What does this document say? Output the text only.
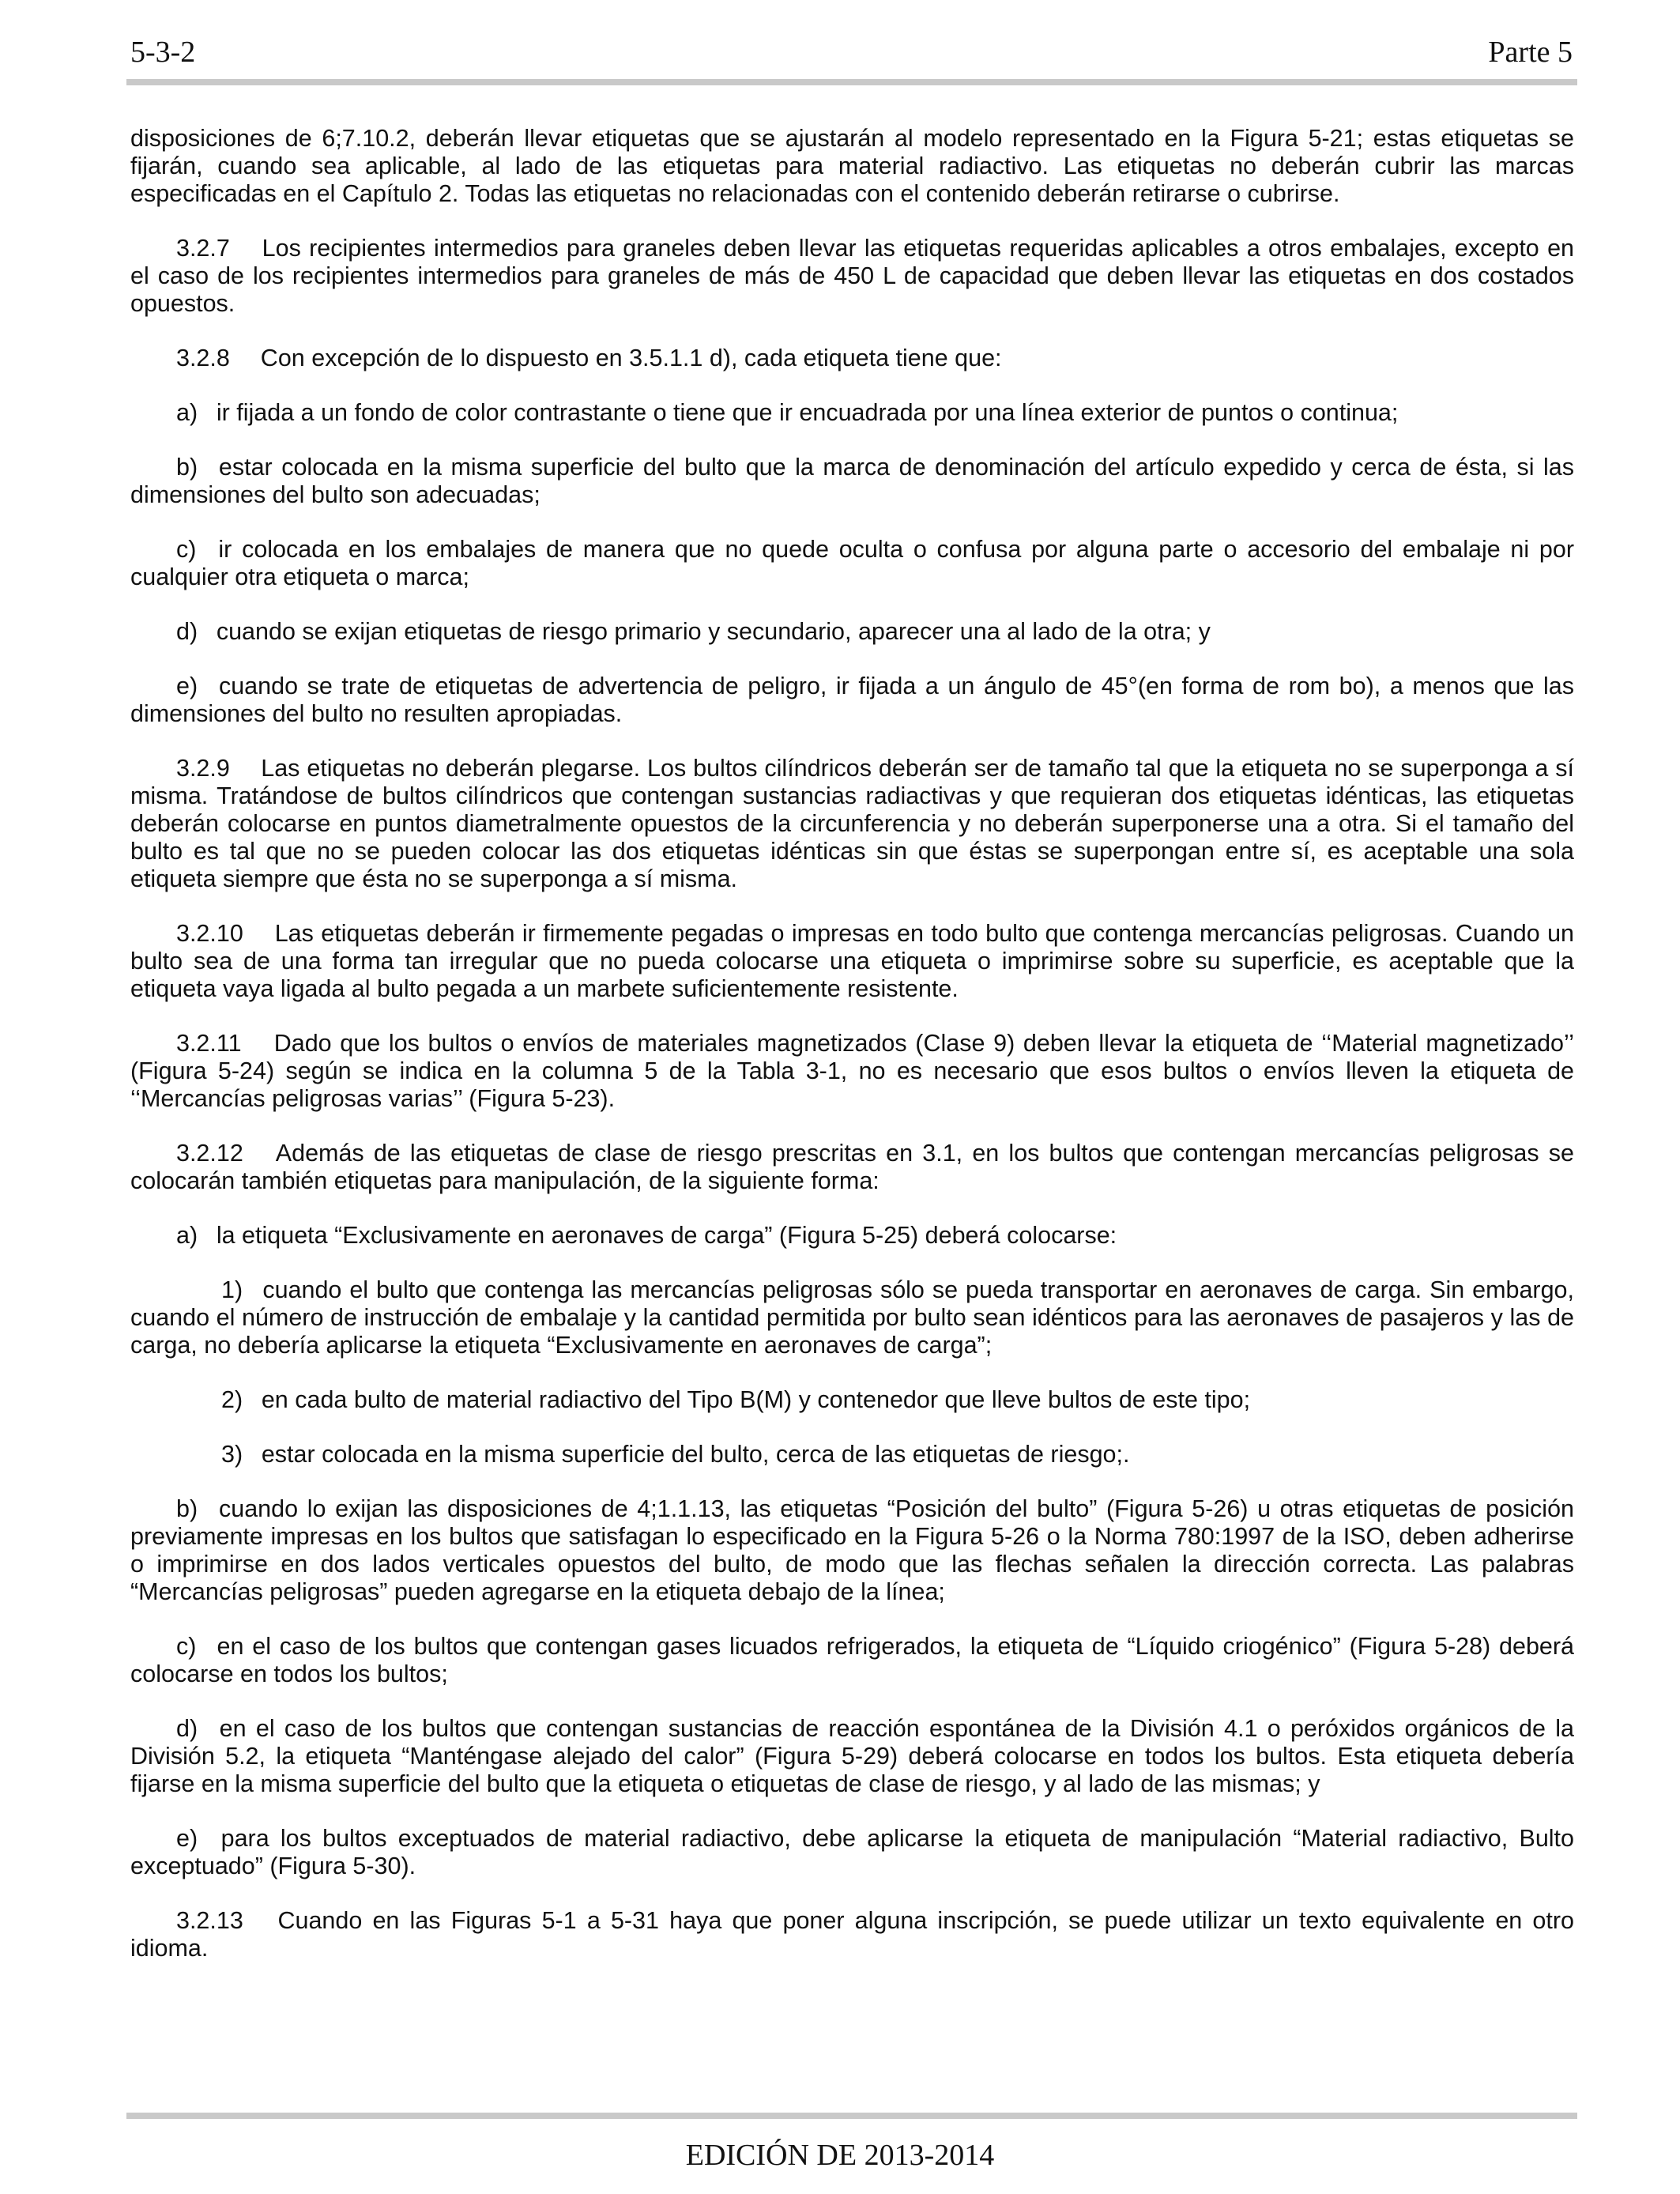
5-3-2	Parte 5

disposiciones de 6;7.10.2, deberán llevar etiquetas que se ajustarán al modelo representado en la Figura 5-21; estas etiquetas se fijarán, cuando sea aplicable, al lado de las etiquetas para material radiactivo. Las etiquetas no deberán cubrir las marcas especificadas en el Capítulo 2. Todas las etiquetas no relacionadas con el contenido deberán retirarse o cubrirse.

3.2.7  Los recipientes intermedios para graneles deben llevar las etiquetas requeridas aplicables a otros embalajes, excepto en el caso de los recipientes intermedios para graneles de más de 450 L de capacidad que deben llevar las etiquetas en dos costados opuestos.

3.2.8  Con excepción de lo dispuesto en 3.5.1.1 d), cada etiqueta tiene que:

a)  ir fijada a un fondo de color contrastante o tiene que ir encuadrada por una línea exterior de puntos o continua;

b)  estar colocada en la misma superficie del bulto que la marca de denominación del artículo expedido y cerca de ésta, si las dimensiones del bulto son adecuadas;

c)  ir colocada en los embalajes de manera que no quede oculta o confusa por alguna parte o accesorio del embalaje ni por cualquier otra etiqueta o marca;

d)  cuando se exijan etiquetas de riesgo primario y secundario, aparecer una al lado de la otra; y

e)  cuando se trate de etiquetas de advertencia de peligro, ir fijada a un ángulo de 45°(en forma de rom bo), a menos que las dimensiones del bulto no resulten apropiadas.

3.2.9  Las etiquetas no deberán plegarse. Los bultos cilíndricos deberán ser de tamaño tal que la etiqueta no se superponga a sí misma. Tratándose de bultos cilíndricos que contengan sustancias radiactivas y que requieran dos etiquetas idénticas, las etiquetas deberán colocarse en puntos diametralmente opuestos de la circunferencia y no deberán superponerse una a otra. Si el tamaño del bulto es tal que no se pueden colocar las dos etiquetas idénticas sin que éstas se superpongan entre sí, es aceptable una sola etiqueta siempre que ésta no se superponga a sí misma.

3.2.10  Las etiquetas deberán ir firmemente pegadas o impresas en todo bulto que contenga mercancías peligrosas. Cuando un bulto sea de una forma tan irregular que no pueda colocarse una etiqueta o imprimirse sobre su superficie, es aceptable que la etiqueta vaya ligada al bulto pegada a un marbete suficientemente resistente.

3.2.11  Dado que los bultos o envíos de materiales magnetizados (Clase 9) deben llevar la etiqueta de ‘‘Material magnetizado’’ (Figura 5-24) según se indica en la columna 5 de la Tabla 3-1, no es necesario que esos bultos o envíos lleven la etiqueta de ‘‘Mercancías peligrosas varias’’ (Figura 5-23).

3.2.12  Además de las etiquetas de clase de riesgo prescritas en 3.1, en los bultos que contengan mercancías peligrosas se colocarán también etiquetas para manipulación, de la siguiente forma:

a)  la etiqueta “Exclusivamente en aeronaves de carga” (Figura 5-25) deberá colocarse:

1)  cuando el bulto que contenga las mercancías peligrosas sólo se pueda transportar en aeronaves de carga. Sin embargo, cuando el número de instrucción de embalaje y la cantidad permitida por bulto sean idénticos para las aeronaves de pasajeros y las de carga, no debería aplicarse la etiqueta “Exclusivamente en aeronaves de carga”;

2)  en cada bulto de material radiactivo del Tipo B(M) y contenedor que lleve bultos de este tipo;

3)  estar colocada en la misma superficie del bulto, cerca de las etiquetas de riesgo;.

b)  cuando lo exijan las disposiciones de 4;1.1.13, las etiquetas “Posición del bulto” (Figura 5-26) u otras etiquetas de posición previamente impresas en los bultos que satisfagan lo especificado en la Figura 5-26 o la Norma 780:1997 de la ISO, deben adherirse o imprimirse en dos lados verticales opuestos del bulto, de modo que las flechas señalen la dirección correcta. Las palabras “Mercancías peligrosas” pueden agregarse en la etiqueta debajo de la línea;

c)  en el caso de los bultos que contengan gases licuados refrigerados, la etiqueta de “Líquido criogénico” (Figura 5-28) deberá colocarse en todos los bultos;

d)  en el caso de los bultos que contengan sustancias de reacción espontánea de la División 4.1 o peróxidos orgánicos de la División 5.2, la etiqueta “Manténgase alejado del calor” (Figura 5-29) deberá colocarse en todos los bultos. Esta etiqueta debería fijarse en la misma superficie del bulto que la etiqueta o etiquetas de clase de riesgo, y al lado de las mismas; y

e)  para los bultos exceptuados de material radiactivo, debe aplicarse la etiqueta de manipulación “Material radiactivo, Bulto exceptuado” (Figura 5-30).

3.2.13  Cuando en las Figuras 5-1 a 5-31 haya que poner alguna inscripción, se puede utilizar un texto equivalente en otro idioma.

EDICIÓN DE 2013-2014
